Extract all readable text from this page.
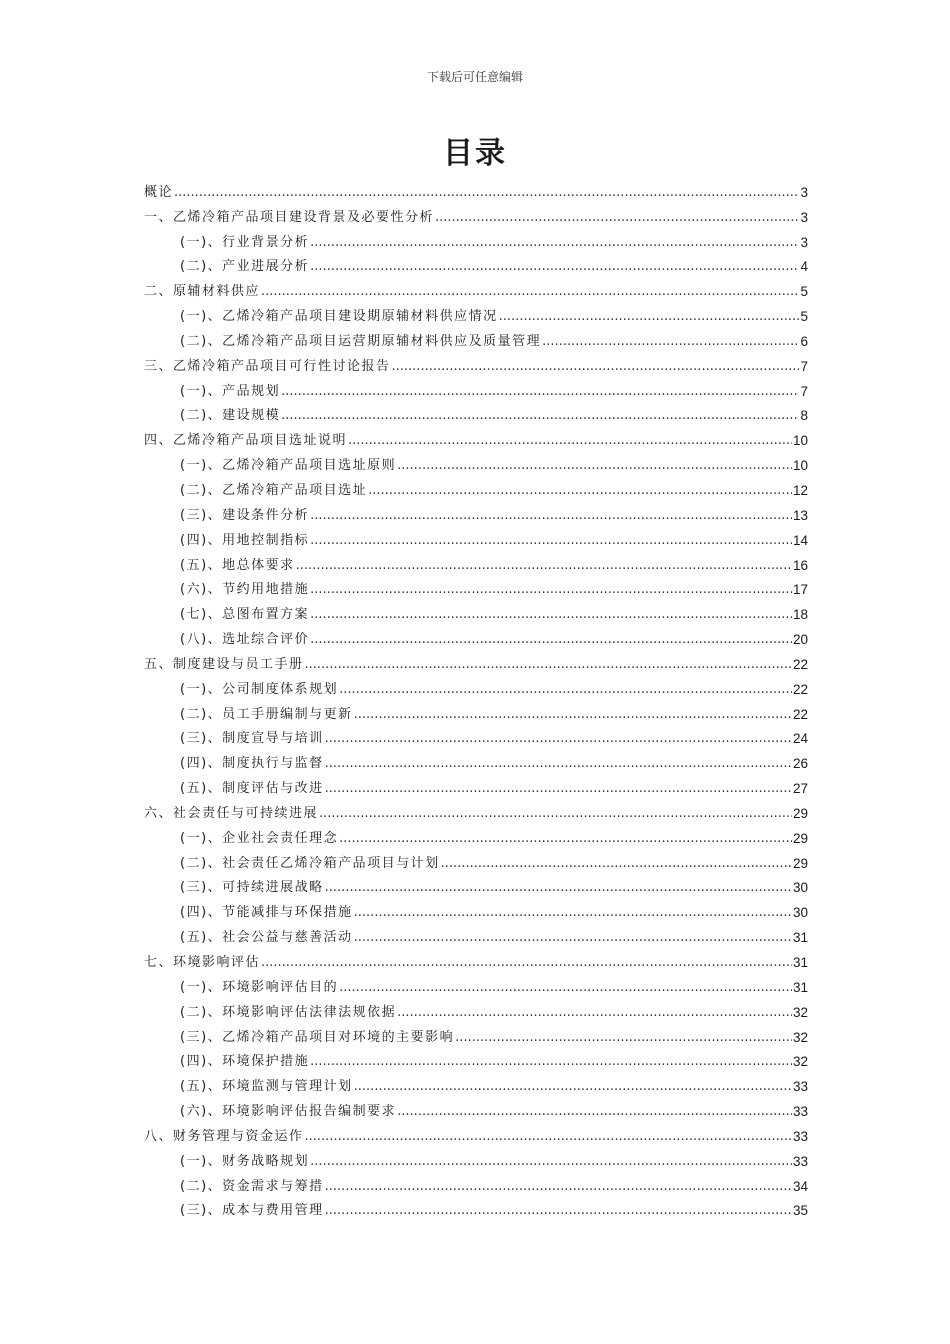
下载后可任意编辑
目录
概论 .....	3
一、乙烯冷箱产品项目建设背景及必要性分析 .....	3
(一)、行业背景分析 .....	3
(二)、产业进展分析 .....	4
二、原辅材料供应 .....	5
(一)、乙烯冷箱产品项目建设期原辅材料供应情况 .....	5
(二)、乙烯冷箱产品项目运营期原辅材料供应及质量管理 .....	6
三、乙烯冷箱产品项目可行性讨论报告 .....	7
(一)、产品规划 .....	7
(二)、建设规模 .....	8
四、乙烯冷箱产品项目选址说明 .....	10
(一)、乙烯冷箱产品项目选址原则 .....	10
(二)、乙烯冷箱产品项目选址 .....	12
(三)、建设条件分析 .....	13
(四)、用地控制指标 .....	14
(五)、地总体要求 .....	16
(六)、节约用地措施 .....	17
(七)、总图布置方案 .....	18
(八)、选址综合评价 .....	20
五、制度建设与员工手册 .....	22
(一)、公司制度体系规划 .....	22
(二)、员工手册编制与更新 .....	22
(三)、制度宣导与培训 .....	24
(四)、制度执行与监督 .....	26
(五)、制度评估与改进 .....	27
六、社会责任与可持续进展 .....	29
(一)、企业社会责任理念 .....	29
(二)、社会责任乙烯冷箱产品项目与计划 .....	29
(三)、可持续进展战略 .....	30
(四)、节能减排与环保措施 .....	30
(五)、社会公益与慈善活动 .....	31
七、环境影响评估 .....	31
(一)、环境影响评估目的 .....	31
(二)、环境影响评估法律法规依据 .....	32
(三)、乙烯冷箱产品项目对环境的主要影响 .....	32
(四)、环境保护措施 .....	32
(五)、环境监测与管理计划 .....	33
(六)、环境影响评估报告编制要求 .....	33
八、财务管理与资金运作 .....	33
(一)、财务战略规划 .....	33
(二)、资金需求与筹措 .....	34
(三)、成本与费用管理 .....	35
